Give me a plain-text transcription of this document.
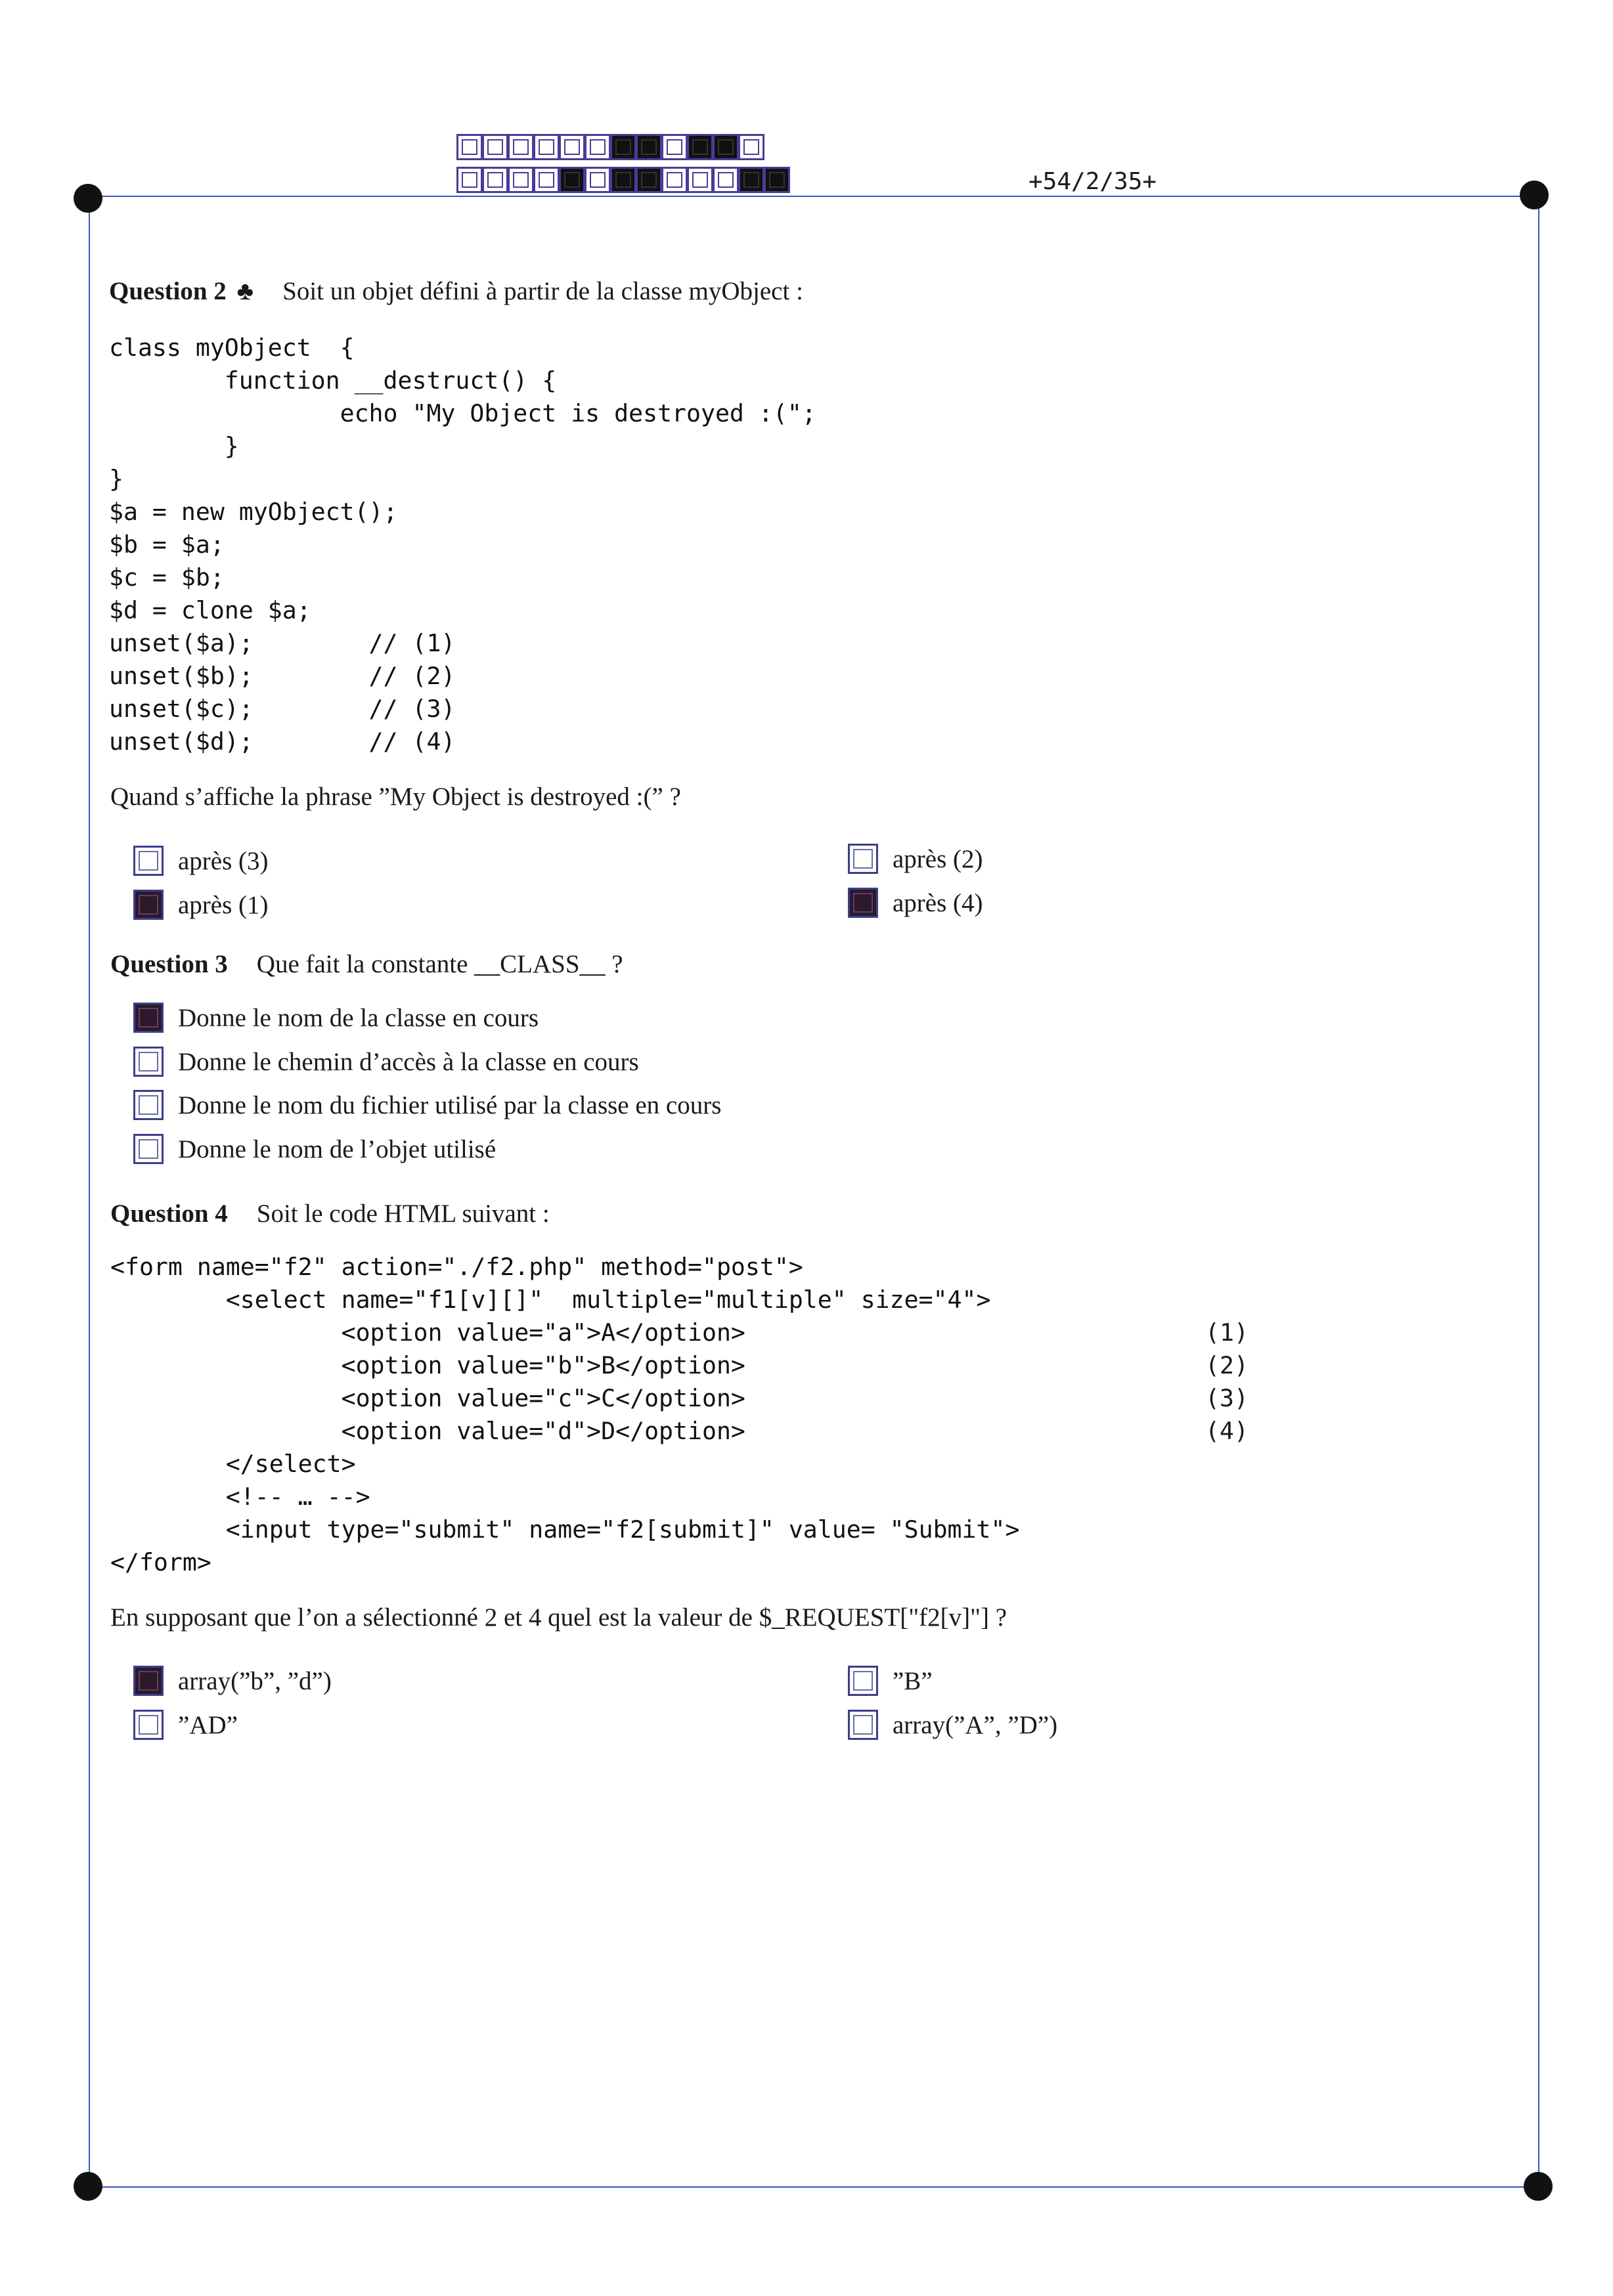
+54/2/35+
Question 2 ♣ Soit un objet défini à partir de la classe myObject :
class myObject  {
function __destruct() {
echo "My Object is destroyed :(";
}
}
$a = new myObject();
$b = $a;
$c = $b;
$d = clone $a;
unset($a);        // (1)
unset($b);        // (2)
unset($c);        // (3)
unset($d);        // (4)
Quand s’affiche la phrase ”My Object is destroyed :(” ?
après (3)
après (1)
après (2)
après (4)
Question 3 Que fait la constante __CLASS__ ?
Donne le nom de la classe en cours
Donne le chemin d’accès à la classe en cours
Donne le nom du fichier utilisé par la classe en cours
Donne le nom de l’objet utilisé
Question 4 Soit le code HTML suivant :
<form name="f2" action="./f2.php" method="post">
<select name="f1[v][]"  multiple="multiple" size="4">
<option value="a">A</option>
<option value="b">B</option>
<option value="c">C</option>
<option value="d">D</option>
</select>
<!-- … -->
<input type="submit" name="f2[submit]" value= "Submit">
</form>
(1)
(2)
(3)
(4)
En supposant que l’on a sélectionné 2 et 4 quel est la valeur de $_REQUEST["f2[v]"] ?
array(”b”, ”d”)
”AD”
”B”
array(”A”, ”D”)
